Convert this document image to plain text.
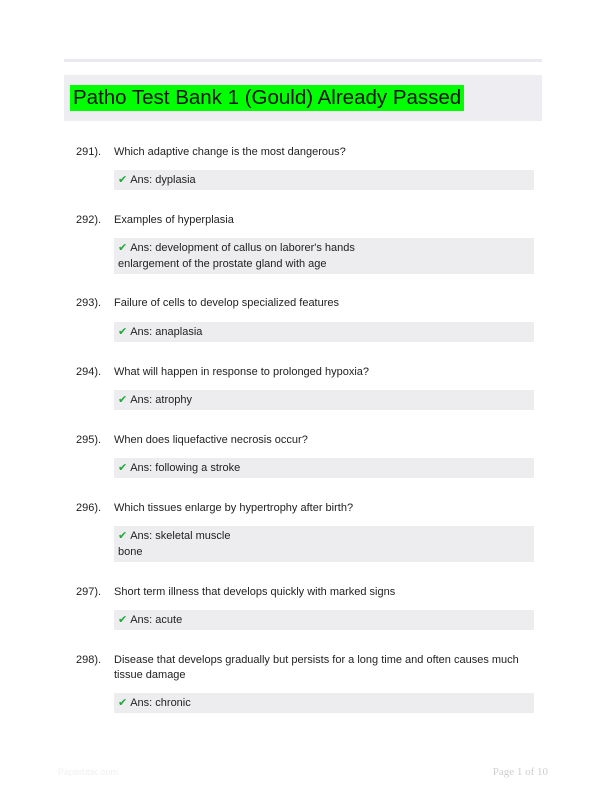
Patho Test Bank 1 (Gould) Already Passed
291). Which adaptive change is the most dangerous?
✔ Ans: dyplasia
292). Examples of hyperplasia
✔ Ans: development of callus on laborer's hands
enlargement of the prostate gland with age
293). Failure of cells to develop specialized features
✔ Ans: anaplasia
294). What will happen in response to prolonged hypoxia?
✔ Ans: atrophy
295). When does liquefactive necrosis occur?
✔ Ans: following a stroke
296). Which tissues enlarge by hypertrophy after birth?
✔ Ans: skeletal muscle
bone
297). Short term illness that develops quickly with marked signs
✔ Ans: acute
298). Disease that develops gradually but persists for a long time and often causes much tissue damage
✔ Ans: chronic
Paperbbic.com	Page 1 of 10
